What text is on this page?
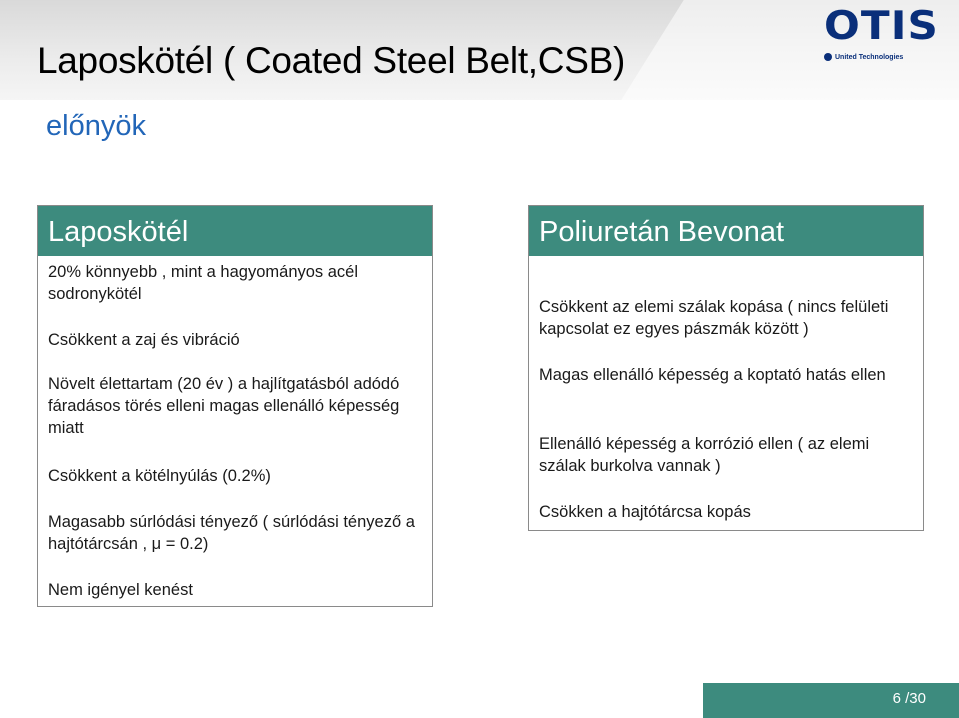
Laposkötél ( Coated Steel Belt,CSB)
előnyök
OTIS
United Technologies
Laposkötél
20% könnyebb , mint a hagyományos acél sodronykötél
Csökkent a zaj és vibráció
Növelt élettartam (20 év ) a hajlítgatásból adódó fáradásos törés elleni magas ellenálló képesség miatt
Csökkent a kötélnyúlás (0.2%)
Magasabb súrlódási tényező ( súrlódási tényező a hajtótárcsán , μ = 0.2)
Nem igényel kenést
Poliuretán Bevonat
Csökkent az elemi szálak kopása ( nincs felületi kapcsolat ez egyes pászmák között )
Magas ellenálló képesség a koptató hatás ellen
Ellenálló képesség a korrózió ellen ( az elemi szálak burkolva vannak )
Csökken a hajtótárcsa kopás
6 /30
